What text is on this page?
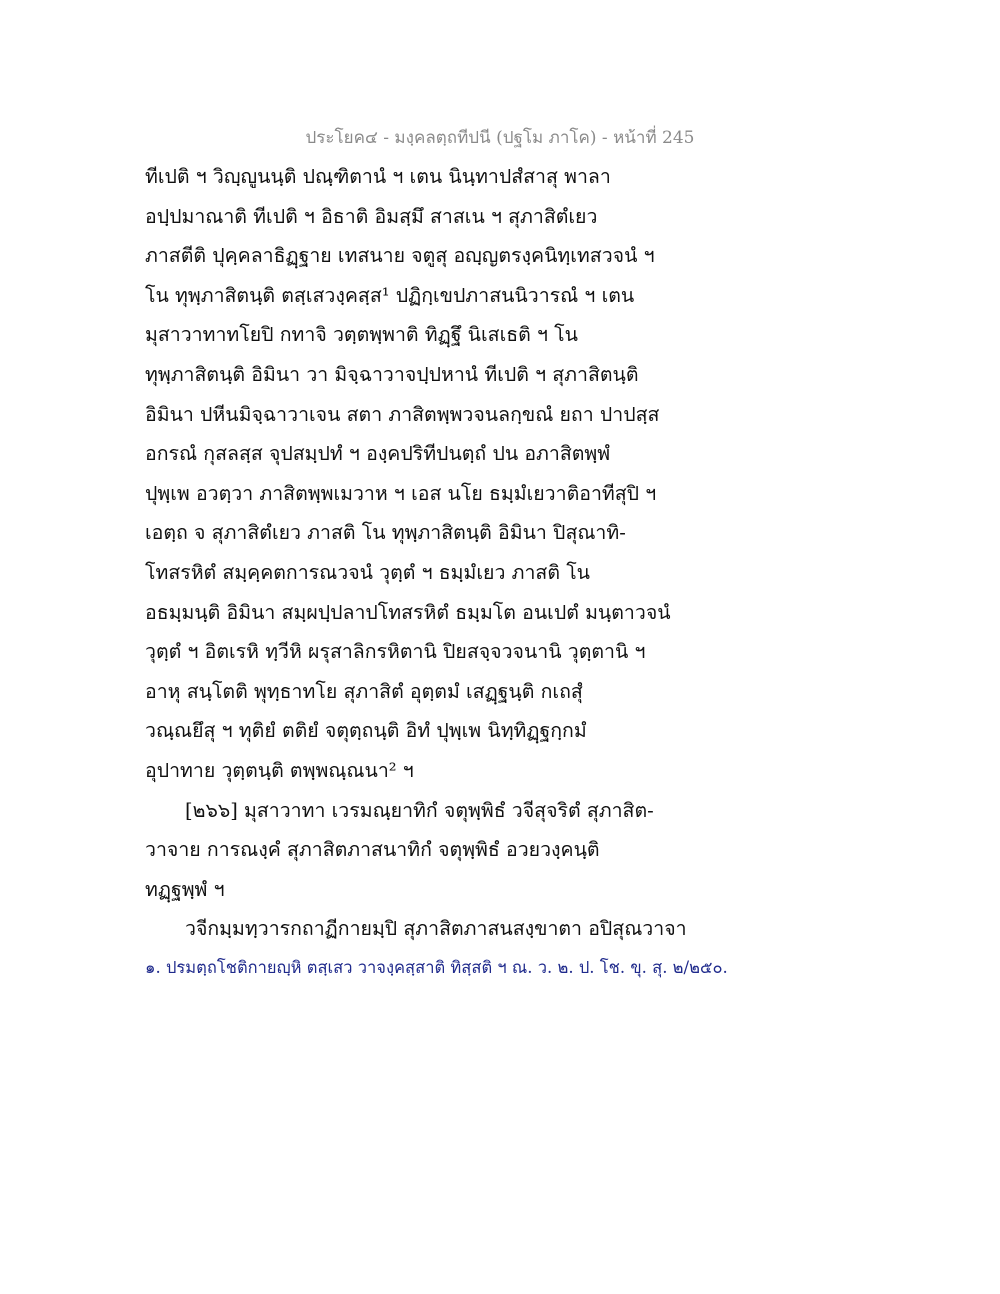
ประโยค๔ - มงฺคลตฺถทีปนี (ปฐโม ภาโค) - หน้าที่ 245
ทีเปติ ฯ วิญฺญูนนฺติ ปณฺฑิตานํ ฯ เตน นินฺทาปสํสาสุ พาลา
อปฺปมาณาติ ทีเปติ ฯ อิธาติ อิมสฺมึ สาสเน ฯ สุภาสิตํเยว
ภาสตีติ ปุคฺคลาธิฏฺฐาย เทสนาย จตูสุ อญฺญตรงฺคนิทฺเทสวจนํ ฯ
โน ทุพฺภาสิตนฺติ ตสฺเสวงฺคสฺส¹ ปฏิกฺเขปภาสนนิวารณํ ฯ เตน
มุสาวาทาทโยปิ กทาจิ วตฺตพฺพาติ ทิฏฺฐึ นิเสเธติ ฯ โน
ทุพฺภาสิตนฺติ อิมินา วา มิจฺฉาวาจปฺปหานํ ทีเปติ ฯ สุภาสิตนฺติ
อิมินา ปหีนมิจฺฉาวาเจน สตา ภาสิตพฺพวจนลกฺขณํ ยถา ปาปสฺส
อกรณํ กุสลสฺส จุปสมฺปทํ ฯ องฺคปริทีปนตฺถํ ปน อภาสิตพฺพํ
ปุพฺเพ อวตฺวา ภาสิตพฺพเมวาห ฯ เอส นโย ธมฺมํเยวาติอาทีสุปิ ฯ
เอตฺถ จ สุภาสิตํเยว ภาสติ โน ทุพฺภาสิตนฺติ อิมินา ปิสุณาทิ-
โทสรหิตํ สมฺคฺคตการณวจนํ วุตฺตํ ฯ ธมฺมํเยว ภาสติ โน
อธมฺมนฺติ อิมินา สมฺผปฺปลาปโทสรหิตํ ธมฺมโต อนเปตํ มนฺตาวจนํ
วุตฺตํ ฯ อิตเรหิ ทฺวีหิ ผรุสาลิกรหิตานิ ปิยสจฺจวจนานิ วุตฺตานิ ฯ
อาหุ สนฺโตติ พุทฺธาทโย สุภาสิตํ อุตฺตมํ เสฏฺฐนฺติ กเถสุํ
วณฺณยึสุ ฯ ทุติยํ ตติยํ จตุตฺถนฺติ อิทํ ปุพฺเพ นิทฺทิฏฺฐกฺกมํ
อุปาทาย วุตฺตนฺติ ตพฺพณฺณนา² ฯ
[๒๖๖] มุสาวาทา เวรมณฺยาทิกํ จตุพฺพิธํ วจีสุจริตํ สุภาสิต-
วาจาย การณงฺคํ สุภาสิตภาสนาทิกํ จตุพฺพิธํ อวยวงฺคนฺติ
ทฏฺฐพฺพํ ฯ
วจีกมฺมทฺวารกถาฏีกายมฺปิ สุภาสิตภาสนสงฺขาตา อปิสุณวาจา
๑. ปรมตฺถโชติกายญฺหิ ตสฺเสว วาจงฺคสฺสาติ ทิสฺสติ ฯ ณ. ว. ๒. ป. โช. ขุ. สุ. ๒/๒๕๐.
